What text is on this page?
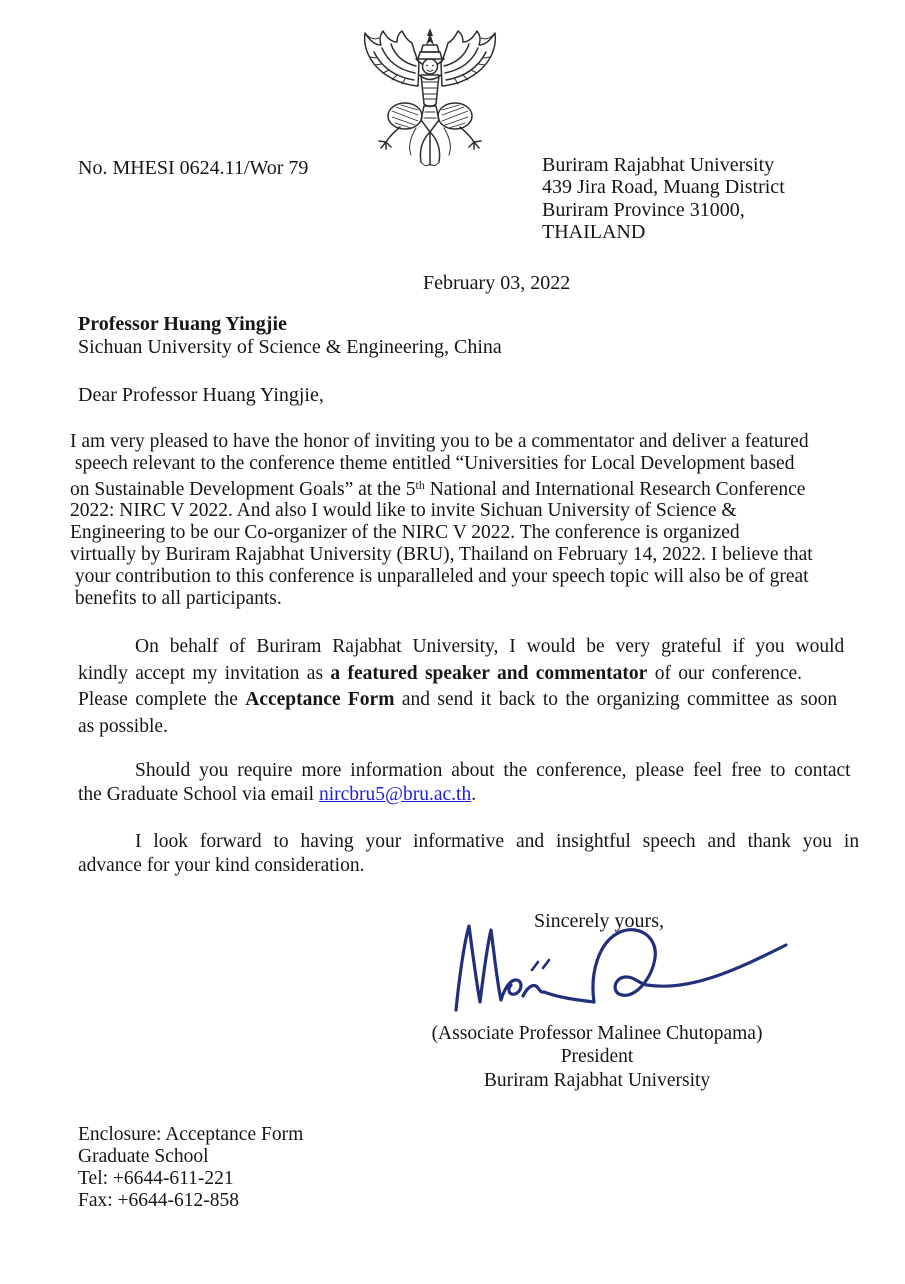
No. MHESI 0624.11/Wor 79	Buriram Rajabhat University
439 Jira Road, Muang District
Buriram Province 31000,
THAILAND
February 03, 2022
Professor Huang Yingjie
Sichuan University of Science & Engineering, China
Dear Professor Huang Yingjie,
I am very pleased to have the honor of inviting you to be a commentator and deliver a featured
speech relevant to the conference theme entitled “Universities for Local Development based
on Sustainable Development Goals” at the 5th National and International Research Conference
2022: NIRC V 2022. And also I would like to invite Sichuan University of Science &
Engineering to be our Co-organizer of the NIRC V 2022. The conference is organized
virtually by Buriram Rajabhat University (BRU), Thailand on February 14, 2022. I believe that
your contribution to this conference is unparalleled and your speech topic will also be of great
benefits to all participants.
On behalf of Buriram Rajabhat University, I would be very grateful if you would
kindly accept my invitation as a featured speaker and commentator of our conference.
Please complete the Acceptance Form and send it back to the organizing committee as soon
as possible.
Should you require more information about the conference, please feel free to contact
the Graduate School via email nircbru5@bru.ac.th.
I look forward to having your informative and insightful speech and thank you in
advance for your kind consideration.
Sincerely yours,
(Associate Professor Malinee Chutopama)
President
Buriram Rajabhat University
Enclosure: Acceptance Form
Graduate School
Tel: +6644-611-221
Fax: +6644-612-858
